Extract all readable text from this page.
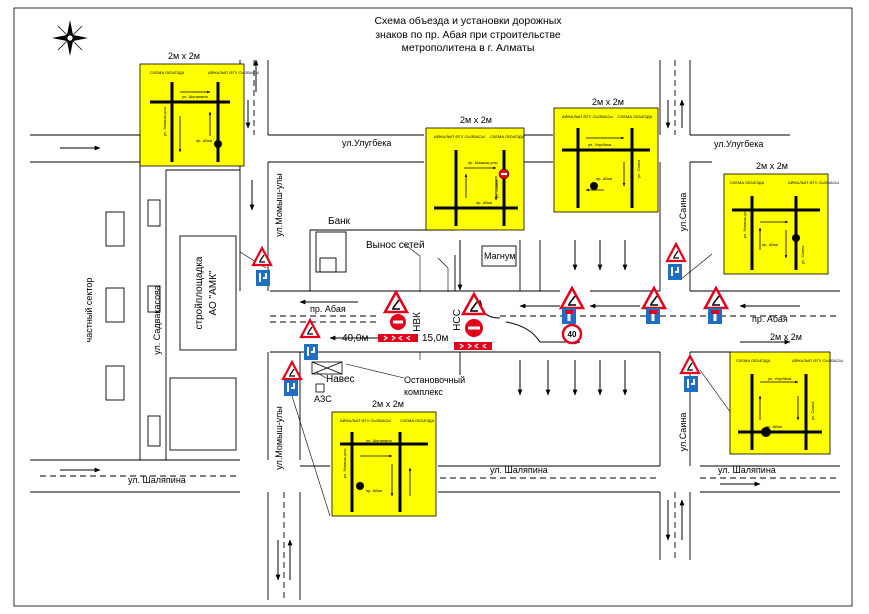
Схема объезда и установки дорожных
знаков по пр. Абая при строительстве
метрополитена в г. Алматы
ул.Улугбека	ул.Улугбека
пр. Абая
пр. Абая
ул. Шаляпина
ул. Шаляпина	ул. Шаляпина
ул. Садвакасова
ул.Момыш-улы
ул.Момыш-улы
ул.Саина
ул.Саина
частный сектор	стройплощадка АО "АМК"
Банк
Магнум
Вынос сетей
НВК	НСС
Навес
АЗС
Остановочный
комплекс
40,0м	15,0м
2м х 2м
СХЕМА ОБЪЕЗДА	АЙНАЛЫП ӨТУ СЫЗБАСЫ
ул. Шаляпина
пр. Абая
ул. Момыш-улы	2м х 2м
АЙНАЛЫП ӨТУ СЫЗБАСЫ СХЕМА ОБЪЕЗДА
пр. Момыш-улы
пр. Абая
ул. Саина
2м х 2м
АЙНАЛЫП ӨТУ СЫЗБАСЫ СХЕМА ОБЪЕЗДА
ул. Улугбека
пр. Абая
ул. Саина	2м х 2м
СХЕМА ОБЪЕЗДА	АЙНАЛЫП ӨТУ СЫЗБАСЫ
ул. Момыш-улы
пр. Абая
ул. Саина
2м х 2м
СХЕМА ОБЪЕЗДА	АЙНАЛЫП ӨТУ СЫЗБАСЫ
ул. Улугбека
пр. Абая
ул. Саина
2м х 2м
АЙНАЛЫП ӨТУ СЫЗБАСЫ СХЕМА ОБЪЕЗДА
ул. Шаляпина
пр. Абая
ул. Момыш-улы
40
